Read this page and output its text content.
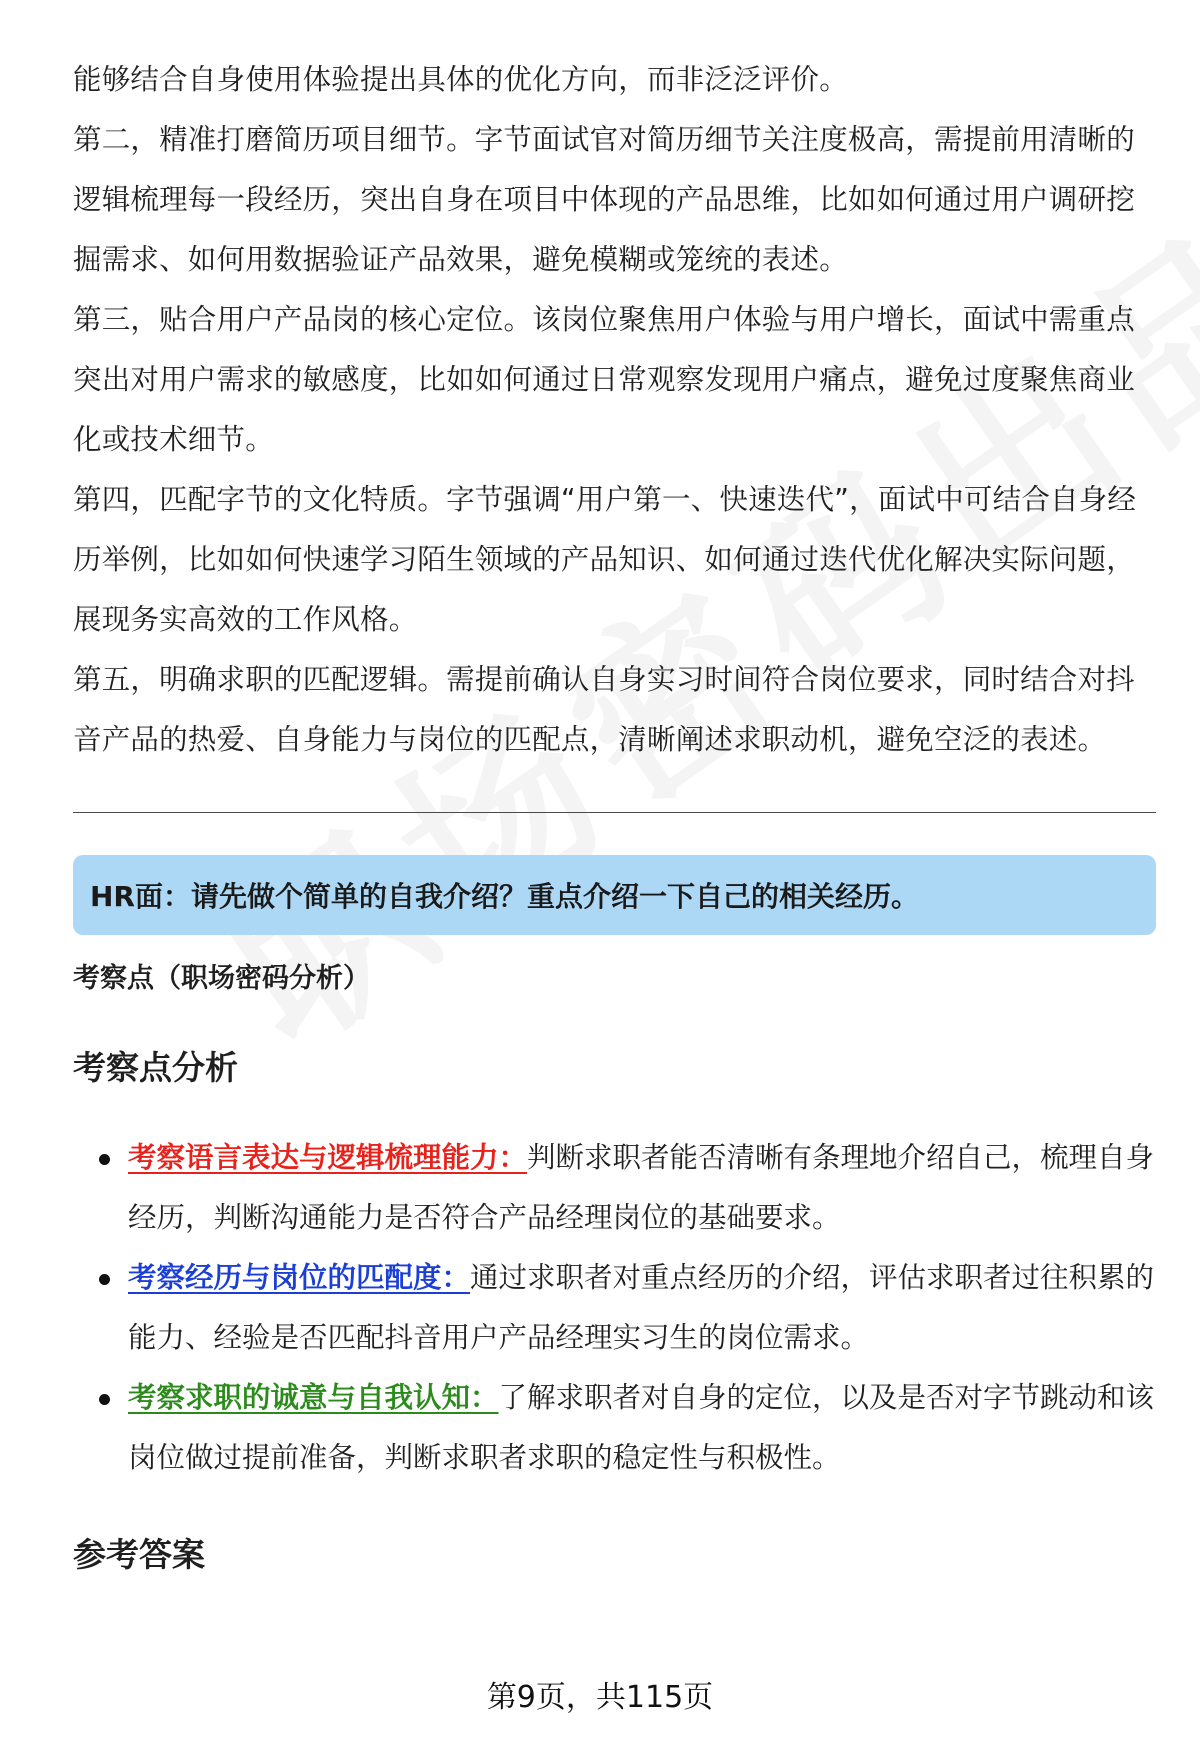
能够结合自身使用体验提出具体的优化方向，而非泛泛评价。

第二，精准打磨简历项目细节。字节面试官对简历细节关注度极高，需提前用清晰的逻辑梳理每一段经历，突出自身在项目中体现的产品思维，比如如何通过用户调研挖掘需求、如何用数据验证产品效果，避免模糊或笼统的表述。

第三，贴合用户产品岗的核心定位。该岗位聚焦用户体验与用户增长，面试中需重点突出对用户需求的敏感度，比如如何通过日常观察发现用户痛点，避免过度聚焦商业化或技术细节。

第四，匹配字节的文化特质。字节强调“用户第一、快速迭代”，面试中可结合自身经历举例，比如如何快速学习陌生领域的产品知识、如何通过迭代优化解决实际问题，展现务实高效的工作风格。

第五，明确求职的匹配逻辑。需提前确认自身实习时间符合岗位要求，同时结合对抖音产品的热爱、自身能力与岗位的匹配点，清晰阐述求职动机，避免空泛的表述。

HR面：请先做个简单的自我介绍？重点介绍一下自己的相关经历。
考察点（职场密码分析）
考察点分析
考察语言表达与逻辑梳理能力：判断求职者能否清晰有条理地介绍自己，梳理自身经历，判断沟通能力是否符合产品经理岗位的基础要求。
考察经历与岗位的匹配度：通过求职者对重点经历的介绍，评估求职者过往积累的能力、经验是否匹配抖音用户产品经理实习生的岗位需求。
考察求职的诚意与自我认知：了解求职者对自身的定位，以及是否对字节跳动和该岗位做过提前准备，判断求职者求职的稳定性与积极性。
参考答案
第9页，共115页
